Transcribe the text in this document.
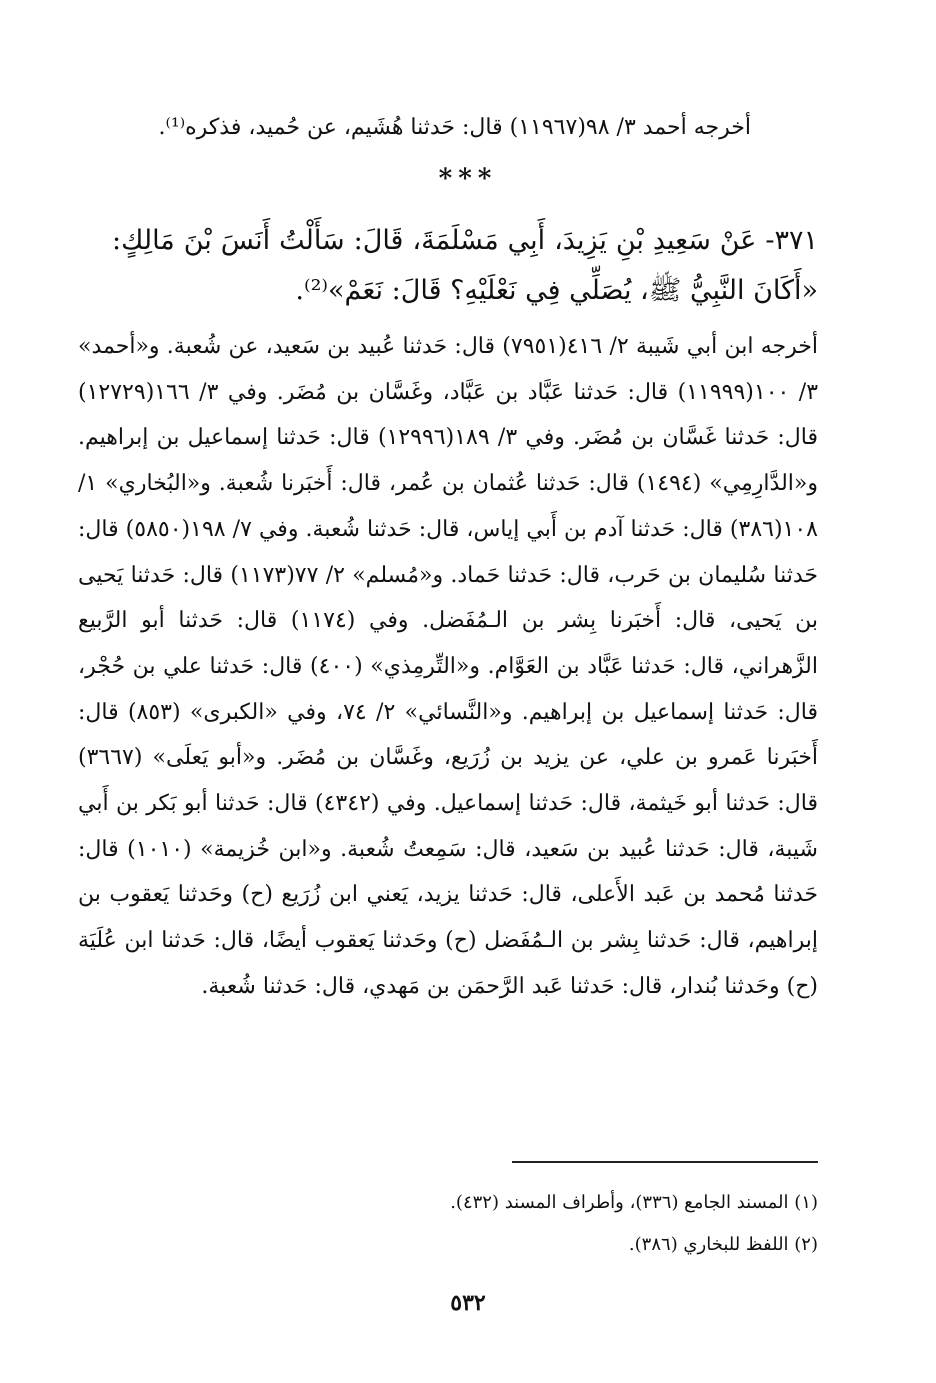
أخرجه أحمد ٣/ ٩٨(١١٩٦٧) قال: حَدثنا هُشَيم، عن حُميد، فذكره⁽¹⁾.
***
٣٧١- عَنْ سَعِيدِ بْنِ يَزِيدَ، أَبِي مَسْلَمَةَ، قَالَ: سَأَلْتُ أَنَسَ بْنَ مَالِكٍ: «أَكَانَ النَّبِيُّ ﷺ، يُصَلِّي فِي نَعْلَيْهِ؟ قَالَ: نَعَمْ»⁽²⁾.
أخرجه ابن أبي شَيبة ٢/ ٤١٦(٧٩٥١) قال: حَدثنا عُبيد بن سَعيد، عن شُعبة. و«أحمد» ٣/ ١٠٠(١١٩٩٩) قال: حَدثنا عَبَّاد بن عَبَّاد، وغَسَّان بن مُضَر. وفي ٣/ ١٦٦(١٢٧٢٩) قال: حَدثنا غَسَّان بن مُضَر. وفي ٣/ ١٨٩(١٢٩٩٦) قال: حَدثنا إسماعيل بن إبراهيم. و«الدَّارِمِي» (١٤٩٤) قال: حَدثنا عُثمان بن عُمر، قال: أَخبَرنا شُعبة. و«البُخاري» ١/ ١٠٨(٣٨٦) قال: حَدثنا آدم بن أَبي إياس، قال: حَدثنا شُعبة. وفي ٧/ ١٩٨(٥٨٥٠) قال: حَدثنا سُليمان بن حَرب، قال: حَدثنا حَماد. و«مُسلم» ٢/ ٧٧(١١٧٣) قال: حَدثنا يَحيى بن يَحيى، قال: أَخبَرنا بِشر بن الـمُفَضل. وفي (١١٧٤) قال: حَدثنا أبو الرَّبيع الزَّهراني، قال: حَدثنا عَبَّاد بن العَوَّام. و«التِّرمِذي» (٤٠٠) قال: حَدثنا علي بن حُجْر، قال: حَدثنا إسماعيل بن إبراهيم. و«النَّسائي» ٢/ ٧٤، وفي «الكبرى» (٨٥٣) قال: أَخبَرنا عَمرو بن علي، عن يزيد بن زُرَيع، وغَسَّان بن مُضَر. و«أبو يَعلَى» (٣٦٦٧) قال: حَدثنا أبو خَيثمة، قال: حَدثنا إسماعيل. وفي (٤٣٤٢) قال: حَدثنا أبو بَكر بن أَبي شَيبة، قال: حَدثنا عُبيد بن سَعيد، قال: سَمِعتُ شُعبة. و«ابن خُزيمة» (١٠١٠) قال: حَدثنا مُحمد بن عَبد الأَعلى، قال: حَدثنا يزيد، يَعني ابن زُرَيع (ح) وحَدثنا يَعقوب بن إبراهيم، قال: حَدثنا بِشر بن الـمُفَضل (ح) وحَدثنا يَعقوب أيضًا، قال: حَدثنا ابن عُلَيَة (ح) وحَدثنا بُندار، قال: حَدثنا عَبد الرَّحمَن بن مَهدي، قال: حَدثنا شُعبة.
(١) المسند الجامع (٣٣٦)، وأطراف المسند (٤٣٢).
(٢) اللفظ للبخاري (٣٨٦).
٥٣٢
